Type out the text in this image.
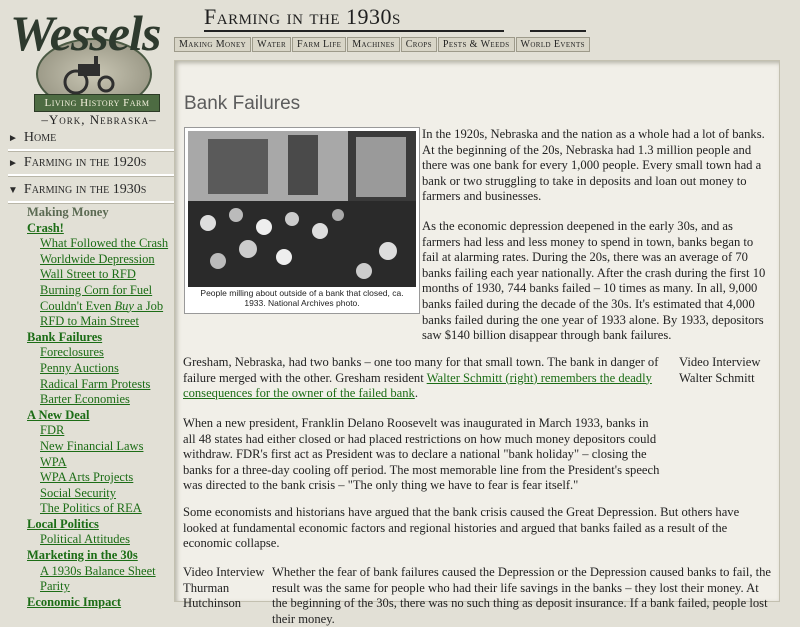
Wessels
Living History Farm
–York, Nebraska–
► Home
► Farming in the 1920s
▼ Farming in the 1930s
Making Money
Crash!
What Followed the Crash
Worldwide Depression
Wall Street to RFD
Burning Corn for Fuel
Couldn't Even Buy a Job
RFD to Main Street
Bank Failures
Foreclosures
Penny Auctions
Radical Farm Protests
Barter Economies
A New Deal
FDR
New Financial Laws
WPA
WPA Arts Projects
Social Security
The Politics of REA
Local Politics
Political Attitudes
Marketing in the 30s
A 1930s Balance Sheet
Parity
Economic Impact
Farming in the 1930s
Making Money	Water	Farm Life	Machines	Crops	Pests & Weeds	World Events
Bank Failures
People milling about outside of a bank that closed, ca. 1933. National Archives photo.
In the 1920s, Nebraska and the nation as a whole had a lot of banks. At the beginning of the 20s, Nebraska had 1.3 million people and there was one bank for every 1,000 people. Every small town had a bank or two struggling to take in deposits and loan out money to farmers and businesses.
As the economic depression deepened in the early 30s, and as farmers had less and less money to spend in town, banks began to fail at alarming rates. During the 20s, there was an average of 70 banks failing each year nationally. After the crash during the first 10 months of 1930, 744 banks failed – 10 times as many. In all, 9,000 banks failed during the decade of the 30s. It's estimated that 4,000 banks failed during the one year of 1933 alone. By 1933, depositors saw $140 billion disappear through bank failures.
Gresham, Nebraska, had two banks – one too many for that small town. The bank in danger of failure merged with the other. Gresham resident Walter Schmitt (right) remembers the deadly consequences for the owner of the failed bank.
Video Interview Walter Schmitt
When a new president, Franklin Delano Roosevelt was inaugurated in March 1933, banks in all 48 states had either closed or had placed restrictions on how much money depositors could withdraw. FDR's first act as President was to declare a national "bank holiday" – closing the banks for a three-day cooling off period. The most memorable line from the President's speech was directed to the bank crisis – "The only thing we have to fear is fear itself."
Some economists and historians have argued that the bank crisis caused the Great Depression. But others have looked at fundamental economic factors and regional histories and argued that banks failed as a result of the economic collapse.
Video Interview Thurman Hutchinson
Whether the fear of bank failures caused the Depression or the Depression caused banks to fail, the result was the same for people who had their life savings in the banks – they lost their money. At the beginning of the 30s, there was no such thing as deposit insurance. If a bank failed, people lost their money.
